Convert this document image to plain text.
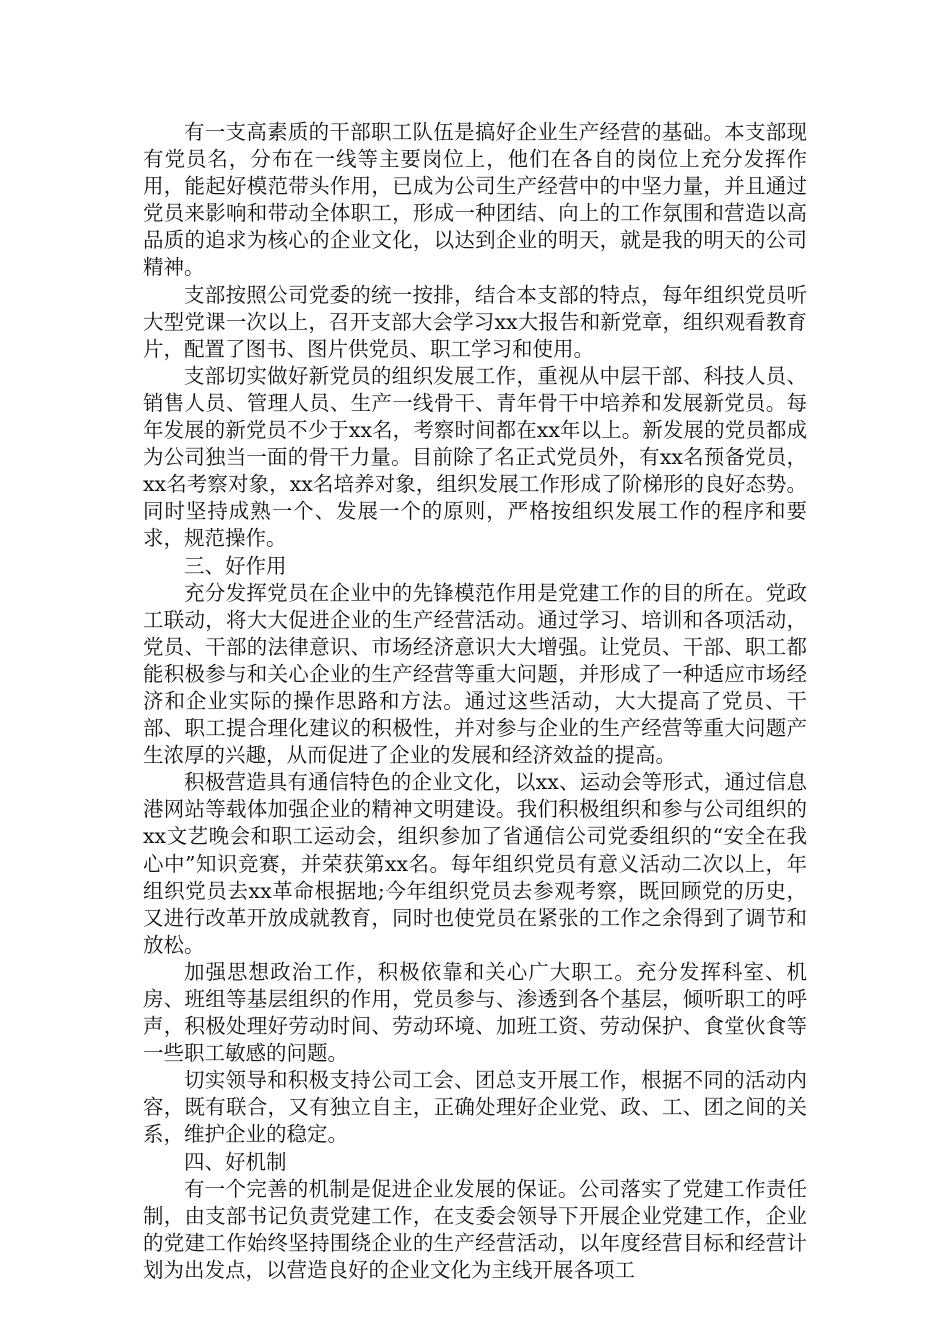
有一支高素质的干部职工队伍是搞好企业生产经营的基础。本支部现有党员名，分布在一线等主要岗位上，他们在各自的岗位上充分发挥作用，能起好模范带头作用，已成为公司生产经营中的中坚力量，并且通过党员来影响和带动全体职工，形成一种团结、向上的工作氛围和营造以高品质的追求为核心的企业文化，以达到企业的明天，就是我的明天的公司精神。

支部按照公司党委的统一按排，结合本支部的特点，每年组织党员听大型党课一次以上，召开支部大会学习xx大报告和新党章，组织观看教育片，配置了图书、图片供党员、职工学习和使用。

支部切实做好新党员的组织发展工作，重视从中层干部、科技人员、销售人员、管理人员、生产一线骨干、青年骨干中培养和发展新党员。每年发展的新党员不少于xx名，考察时间都在xx年以上。新发展的党员都成为公司独当一面的骨干力量。目前除了名正式党员外，有xx名预备党员，xx名考察对象，xx名培养对象，组织发展工作形成了阶梯形的良好态势。同时坚持成熟一个、发展一个的原则，严格按组织发展工作的程序和要求，规范操作。

三、好作用

充分发挥党员在企业中的先锋模范作用是党建工作的目的所在。党政工联动，将大大促进企业的生产经营活动。通过学习、培训和各项活动，党员、干部的法律意识、市场经济意识大大增强。让党员、干部、职工都能积极参与和关心企业的生产经营等重大问题，并形成了一种适应市场经济和企业实际的操作思路和方法。通过这些活动，大大提高了党员、干部、职工提合理化建议的积极性，并对参与企业的生产经营等重大问题产生浓厚的兴趣，从而促进了企业的发展和经济效益的提高。

积极营造具有通信特色的企业文化，以xx、运动会等形式，通过信息港网站等载体加强企业的精神文明建设。我们积极组织和参与公司组织的xx文艺晚会和职工运动会，组织参加了省通信公司党委组织的“安全在我心中”知识竞赛，并荣获第xx名。每年组织党员有意义活动二次以上，年组织党员去xx革命根据地;今年组织党员去参观考察，既回顾党的历史，又进行改革开放成就教育，同时也使党员在紧张的工作之余得到了调节和放松。

加强思想政治工作，积极依靠和关心广大职工。充分发挥科室、机房、班组等基层组织的作用，党员参与、渗透到各个基层，倾听职工的呼声，积极处理好劳动时间、劳动环境、加班工资、劳动保护、食堂伙食等一些职工敏感的问题。

切实领导和积极支持公司工会、团总支开展工作，根据不同的活动内容，既有联合，又有独立自主，正确处理好企业党、政、工、团之间的关系，维护企业的稳定。

四、好机制

有一个完善的机制是促进企业发展的保证。公司落实了党建工作责任制，由支部书记负责党建工作，在支委会领导下开展企业党建工作，企业的党建工作始终坚持围绕企业的生产经营活动，以年度经营目标和经营计划为出发点，以营造良好的企业文化为主线开展各项工
